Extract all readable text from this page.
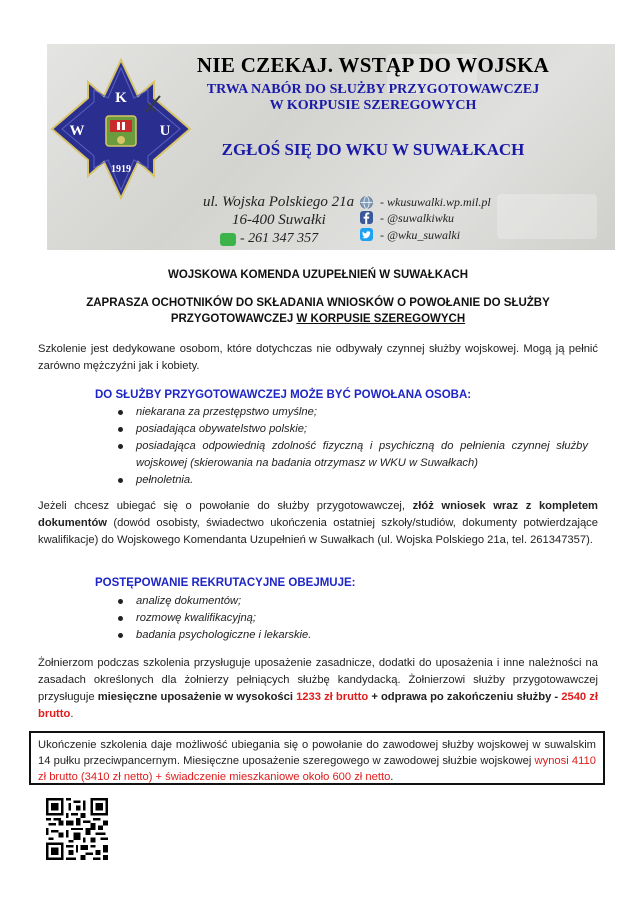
K
W	U
1919
NIE CZEKAJ. WSTĄP DO WOJSKA
TRWA NABÓR DO SŁUŻBY PRZYGOTOWAWCZEJ
W KORPUSIE SZEREGOWYCH
ZGŁOŚ SIĘ DO WKU W SUWAŁKACH
ul. Wojska Polskiego 21a
16-400 Suwałki
- 261 347 357
- wkusuwalki.wp.mil.pl
- @suwalkiwku
- @wku_suwalki
WOJSKOWA KOMENDA UZUPEŁNIEŃ W SUWAŁKACH
ZAPRASZA OCHOTNIKÓW DO SKŁADANIA WNIOSKÓW O POWOŁANIE DO SŁUŻBY
PRZYGOTOWAWCZEJ W KORPUSIE SZEREGOWYCH
Szkolenie jest dedykowane osobom, które dotychczas nie odbywały czynnej służby wojskowej. Mogą ją pełnić zarówno mężczyźni jak i kobiety.
DO SŁUŻBY PRZYGOTOWAWCZEJ MOŻE BYĆ POWOŁANA OSOBA:
niekarana za przestępstwo umyślne;
posiadająca obywatelstwo polskie;
posiadająca odpowiednią zdolność fizyczną i psychiczną do pełnienia czynnej służby wojskowej (skierowania na badania otrzymasz w WKU w Suwałkach)
pełnoletnia.
Jeżeli chcesz ubiegać się o powołanie do służby przygotowawczej, złóż wniosek wraz z kompletem dokumentów (dowód osobisty, świadectwo ukończenia ostatniej szkoły/studiów, dokumenty potwierdzające kwalifikacje) do Wojskowego Komendanta Uzupełnień w Suwałkach (ul. Wojska Polskiego 21a, tel. 261347357).
POSTĘPOWANIE REKRUTACYJNE OBEJMUJE:
analizę dokumentów;
rozmowę kwalifikacyjną;
badania psychologiczne i lekarskie.
Żołnierzom podczas szkolenia przysługuje uposażenie zasadnicze, dodatki do uposażenia i inne należności na zasadach określonych dla żołnierzy pełniących służbę kandydacką. Żołnierzowi służby przygotowawczej przysługuje miesięczne uposażenie w wysokości 1233 zł brutto + odprawa po zakończeniu służby - 2540 zł brutto.
Ukończenie szkolenia daje możliwość ubiegania się o powołanie do zawodowej służby wojskowej w suwalskim 14 pułku przeciwpancernym. Miesięczne uposażenie szeregowego w zawodowej służbie wojskowej wynosi 4110 zł brutto (3410 zł netto) + świadczenie mieszkaniowe około 600 zł netto.
